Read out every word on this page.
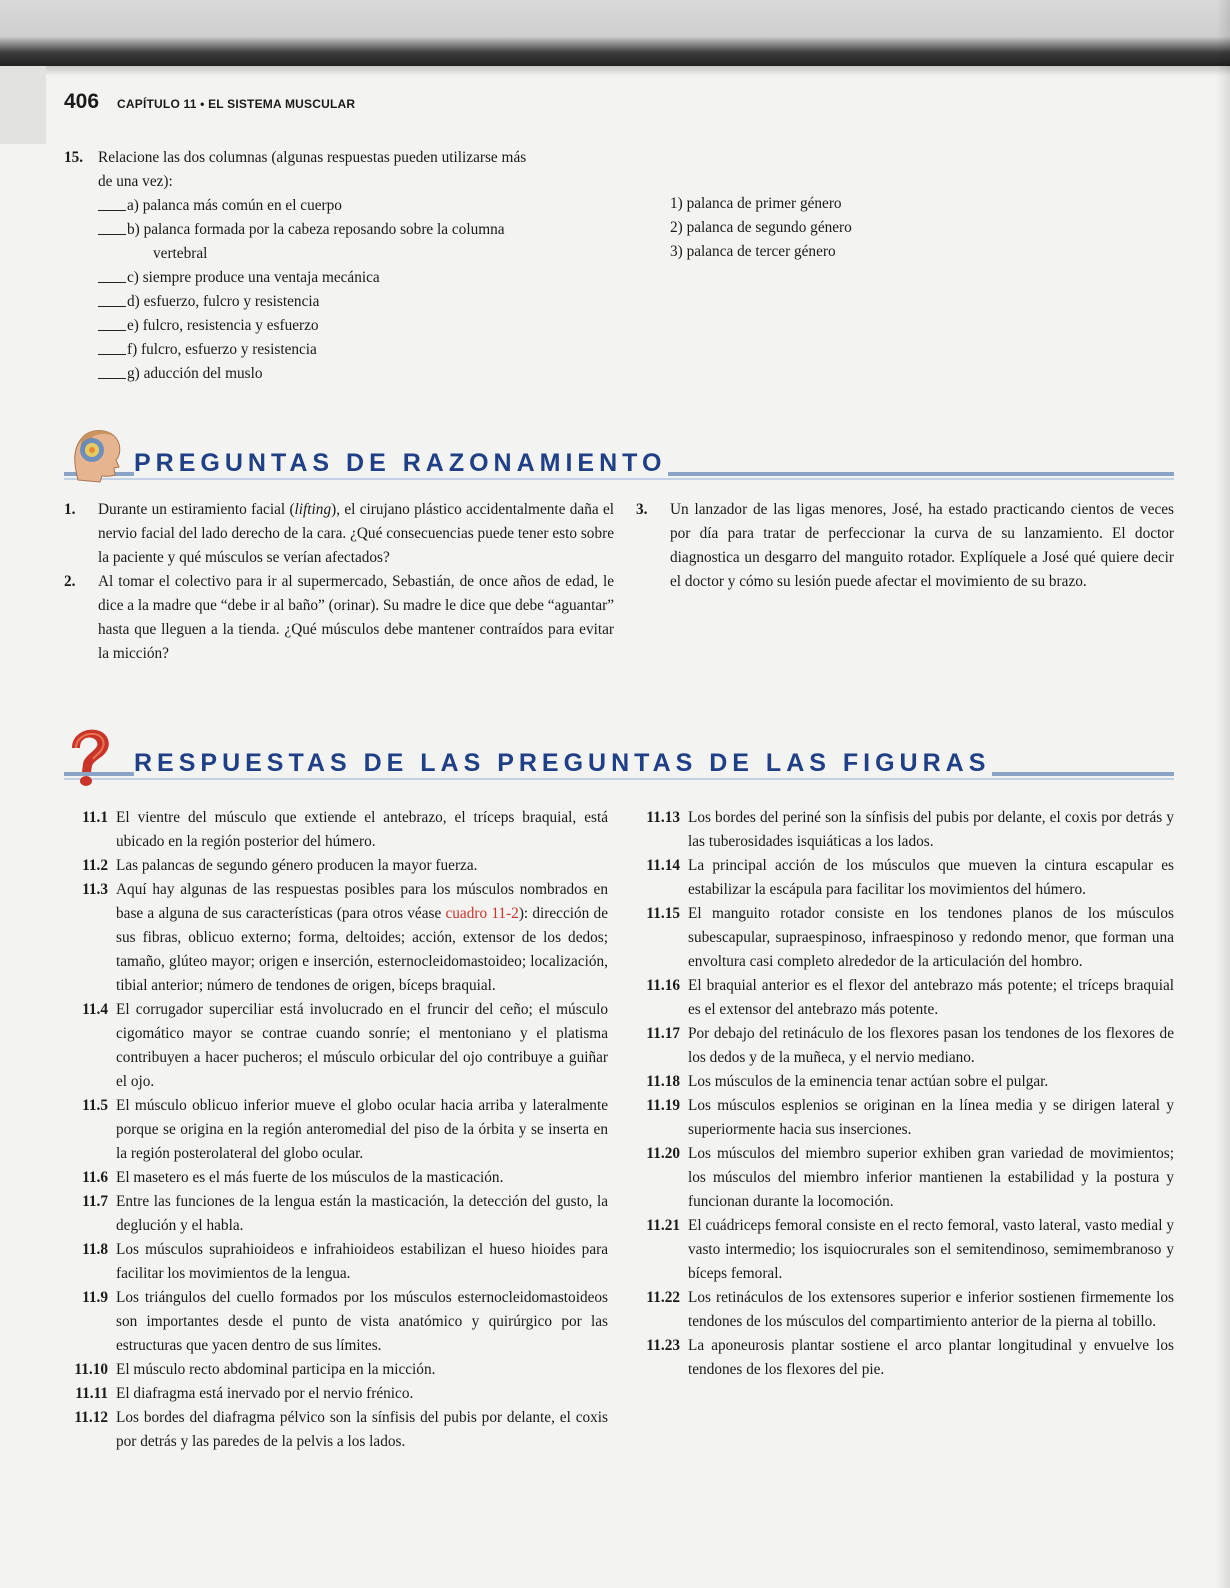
406 CAPÍTULO 11 • EL SISTEMA MUSCULAR
15. Relacione las dos columnas (algunas respuestas pueden utilizarse más
de una vez):
a) palanca más común en el cuerpo
b) palanca formada por la cabeza reposando sobre la columna
vertebral
c) siempre produce una ventaja mecánica
d) esfuerzo, fulcro y resistencia
e) fulcro, resistencia y esfuerzo
f) fulcro, esfuerzo y resistencia
g) aducción del muslo
1) palanca de primer género
2) palanca de segundo género
3) palanca de tercer género
PREGUNTAS DE RAZONAMIENTO
1.	Durante un estiramiento facial (lifting), el cirujano plástico accidentalmente daña el nervio facial del lado derecho de la cara. ¿Qué consecuencias puede tener esto sobre la paciente y qué músculos se verían afectados?
2.	Al tomar el colectivo para ir al supermercado, Sebastián, de once años de edad, le dice a la madre que “debe ir al baño” (orinar). Su madre le dice que debe “aguantar” hasta que lleguen a la tienda. ¿Qué músculos debe mantener contraídos para evitar la micción?
3.	Un lanzador de las ligas menores, José, ha estado practicando cientos de veces por día para tratar de perfeccionar la curva de su lanzamiento. El doctor diagnostica un desgarro del manguito rotador. Explíquele a José qué quiere decir el doctor y cómo su lesión puede afectar el movimiento de su brazo.
RESPUESTAS DE LAS PREGUNTAS DE LAS FIGURAS
11.1 El vientre del músculo que extiende el antebrazo, el tríceps braquial, está ubicado en la región posterior del húmero.
11.2 Las palancas de segundo género producen la mayor fuerza.
11.3 Aquí hay algunas de las respuestas posibles para los músculos nombrados en base a alguna de sus características (para otros véase cuadro 11-2): dirección de sus fibras, oblicuo externo; forma, deltoides; acción, extensor de los dedos; tamaño, glúteo mayor; origen e inserción, esternocleidomastoideo; localización, tibial anterior; número de tendones de origen, bíceps braquial.
11.4 El corrugador superciliar está involucrado en el fruncir del ceño; el músculo cigomático mayor se contrae cuando sonríe; el mentoniano y el platisma contribuyen a hacer pucheros; el músculo orbicular del ojo contribuye a guiñar el ojo.
11.5 El músculo oblicuo inferior mueve el globo ocular hacia arriba y lateralmente porque se origina en la región anteromedial del piso de la órbita y se inserta en la región posterolateral del globo ocular.
11.6 El masetero es el más fuerte de los músculos de la masticación.
11.7 Entre las funciones de la lengua están la masticación, la detección del gusto, la deglución y el habla.
11.8 Los músculos suprahioideos e infrahioideos estabilizan el hueso hioides para facilitar los movimientos de la lengua.
11.9 Los triángulos del cuello formados por los músculos esternocleidomastoideos son importantes desde el punto de vista anatómico y quirúrgico por las estructuras que yacen dentro de sus límites.
11.10 El músculo recto abdominal participa en la micción.
11.11 El diafragma está inervado por el nervio frénico.
11.12 Los bordes del diafragma pélvico son la sínfisis del pubis por delante, el coxis por detrás y las paredes de la pelvis a los lados.
11.13 Los bordes del periné son la sínfisis del pubis por delante, el coxis por detrás y las tuberosidades isquiáticas a los lados.
11.14 La principal acción de los músculos que mueven la cintura escapular es estabilizar la escápula para facilitar los movimientos del húmero.
11.15 El manguito rotador consiste en los tendones planos de los músculos subescapular, supraespinoso, infraespinoso y redondo menor, que forman una envoltura casi completo alrededor de la articulación del hombro.
11.16 El braquial anterior es el flexor del antebrazo más potente; el tríceps braquial es el extensor del antebrazo más potente.
11.17 Por debajo del retináculo de los flexores pasan los tendones de los flexores de los dedos y de la muñeca, y el nervio mediano.
11.18 Los músculos de la eminencia tenar actúan sobre el pulgar.
11.19 Los músculos esplenios se originan en la línea media y se dirigen lateral y superiormente hacia sus inserciones.
11.20 Los músculos del miembro superior exhiben gran variedad de movimientos; los músculos del miembro inferior mantienen la estabilidad y la postura y funcionan durante la locomoción.
11.21 El cuádriceps femoral consiste en el recto femoral, vasto lateral, vasto medial y vasto intermedio; los isquiocrurales son el semitendinoso, semimembranoso y bíceps femoral.
11.22 Los retináculos de los extensores superior e inferior sostienen firmemente los tendones de los músculos del compartimiento anterior de la pierna al tobillo.
11.23 La aponeurosis plantar sostiene el arco plantar longitudinal y envuelve los tendones de los flexores del pie.
